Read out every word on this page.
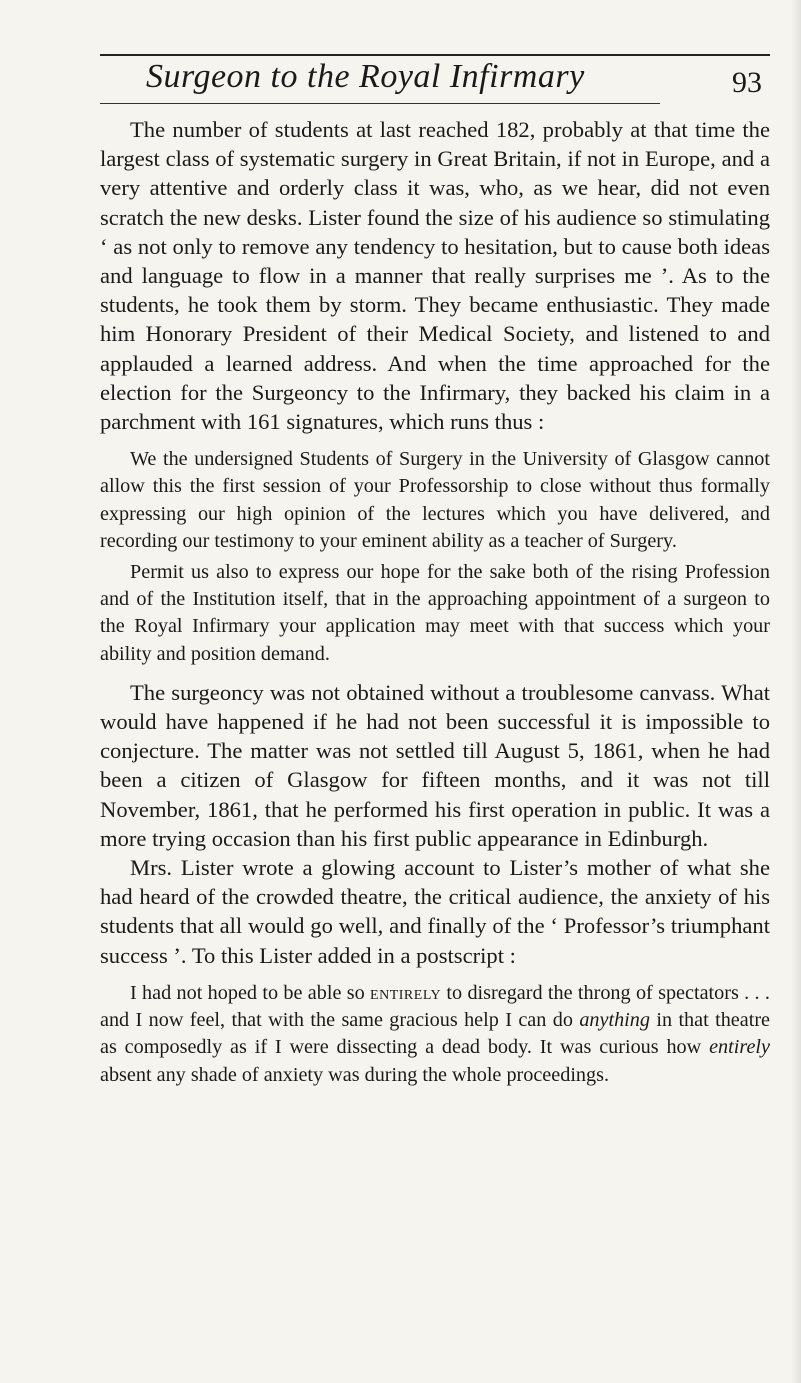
Surgeon to the Royal Infirmary	93

The number of students at last reached 182, probably at that time the largest class of systematic surgery in Great Britain, if not in Europe, and a very attentive and orderly class it was, who, as we hear, did not even scratch the new desks. Lister found the size of his audience so stimulating ‘ as not only to remove any tendency to hesitation, but to cause both ideas and language to flow in a manner that really surprises me ’. As to the students, he took them by storm. They became enthusiastic. They made him Honorary President of their Medical Society, and listened to and applauded a learned address. And when the time approached for the election for the Surgeoncy to the Infirmary, they backed his claim in a parchment with 161 signatures, which runs thus :

We the undersigned Students of Surgery in the University of Glasgow cannot allow this the first session of your Professorship to close without thus formally expressing our high opinion of the lectures which you have delivered, and recording our testimony to your eminent ability as a teacher of Surgery.

Permit us also to express our hope for the sake both of the rising Profession and of the Institution itself, that in the approaching appointment of a surgeon to the Royal Infirmary your application may meet with that success which your ability and position demand.

The surgeoncy was not obtained without a troublesome canvass. What would have happened if he had not been successful it is impossible to conjecture. The matter was not settled till August 5, 1861, when he had been a citizen of Glasgow for fifteen months, and it was not till November, 1861, that he performed his first operation in public. It was a more trying occasion than his first public appearance in Edinburgh.

Mrs. Lister wrote a glowing account to Lister’s mother of what she had heard of the crowded theatre, the critical audience, the anxiety of his students that all would go well, and finally of the ‘ Professor’s triumphant success ’. To this Lister added in a postscript :

I had not hoped to be able so entirely to disregard the throng of spectators . . . and I now feel, that with the same gracious help I can do anything in that theatre as composedly as if I were dissecting a dead body. It was curious how entirely absent any shade of anxiety was during the whole proceedings.
